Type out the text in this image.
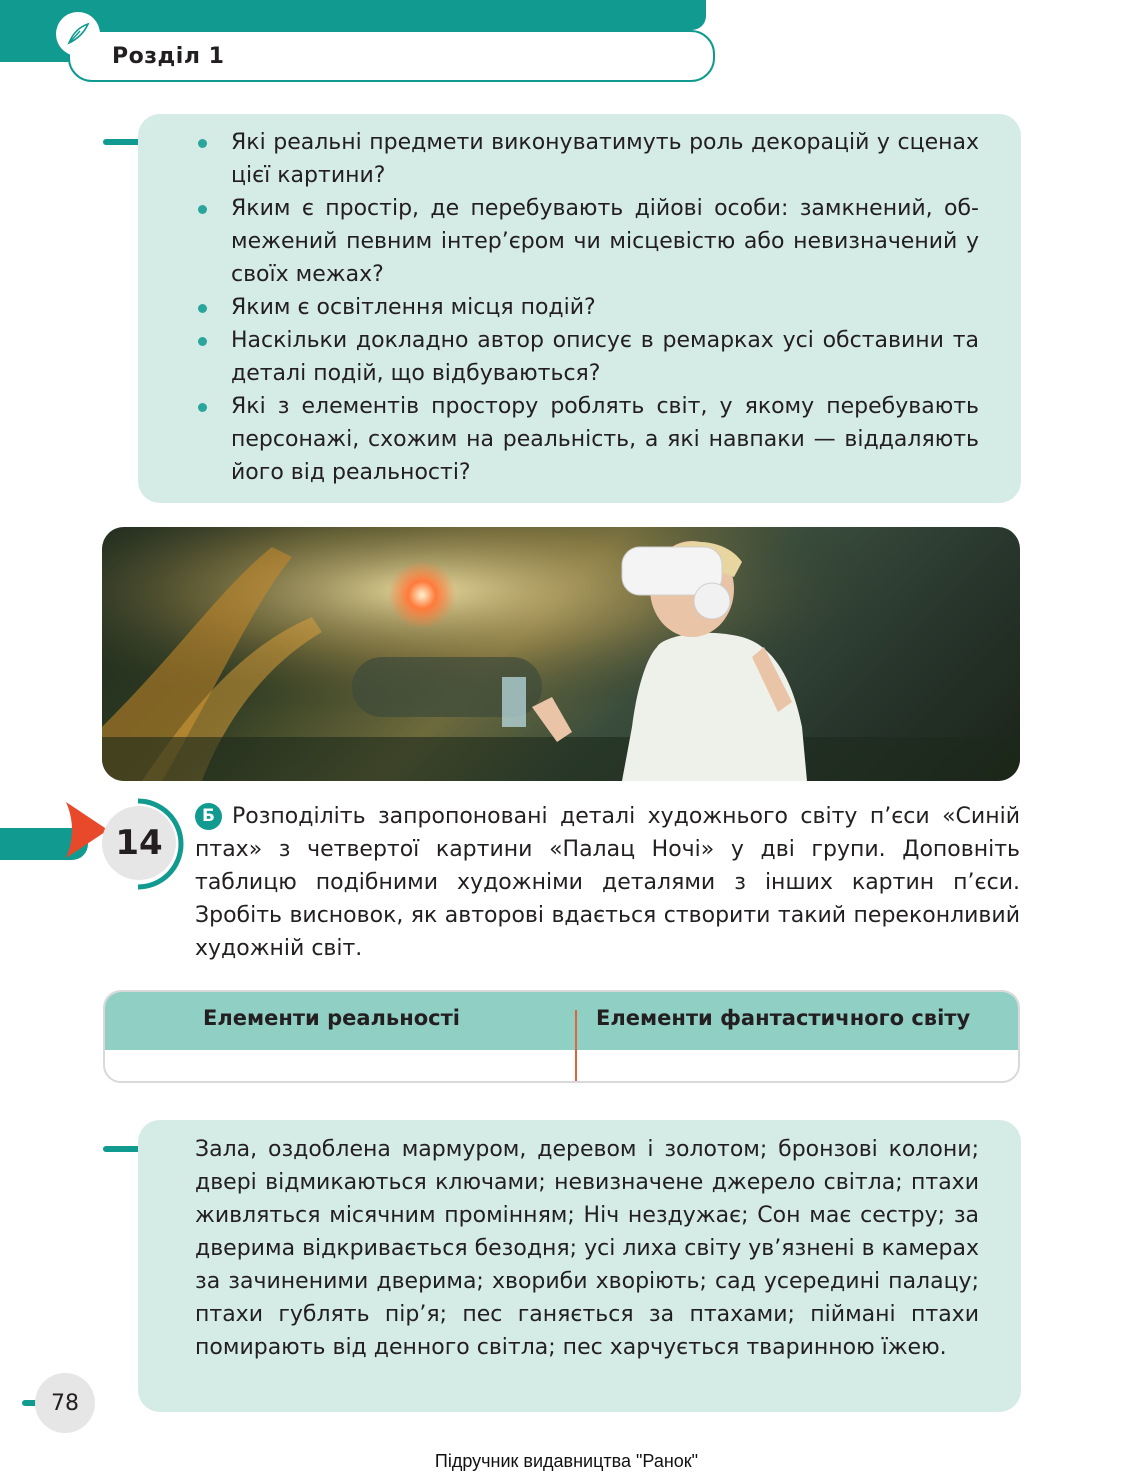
Розділ 1
Які реальні предмети виконуватимуть роль декорацій у сценах цієї картини?
Яким є простір, де перебувають дійові особи: замкнений, обмежений певним інтер’єром чи місцевістю або невизначений у своїх межах?
Яким є освітлення місця подій?
Наскільки докладно автор описує в ремарках усі обставини та деталі подій, що відбуваються?
Які з елементів простору роблять світ, у якому перебувають персонажі, схожим на реальність, а які навпаки — віддаляють його від реальності?
14
Б Розподіліть запропоновані деталі художнього світу п’єси «Синій птах» з четвертої картини «Палац Ночі» у дві групи. Доповніть таблицю подібними художніми деталями з інших картин п’єси. Зробіть висновок, як авторові вдається створити такий переконливий художній світ.
Елементи реальності	Елементи фантастичного світу
Зала, оздоблена мармуром, деревом і золотом; бронзові колони; двері відмикаються ключами; невизначене джерело світла; птахи живляться місячним промінням; Ніч нездужає; Сон має сестру; за дверима відкривається безодня; усі лиха світу ув’язнені в камерах за зачиненими дверима; хвориби хворіють; сад усередині палацу; птахи гублять пір’я; пес ганяється за птахами; піймані птахи помирають від денного світла; пес харчується тваринною їжею.
78
Підручник видавництва "Ранок"
